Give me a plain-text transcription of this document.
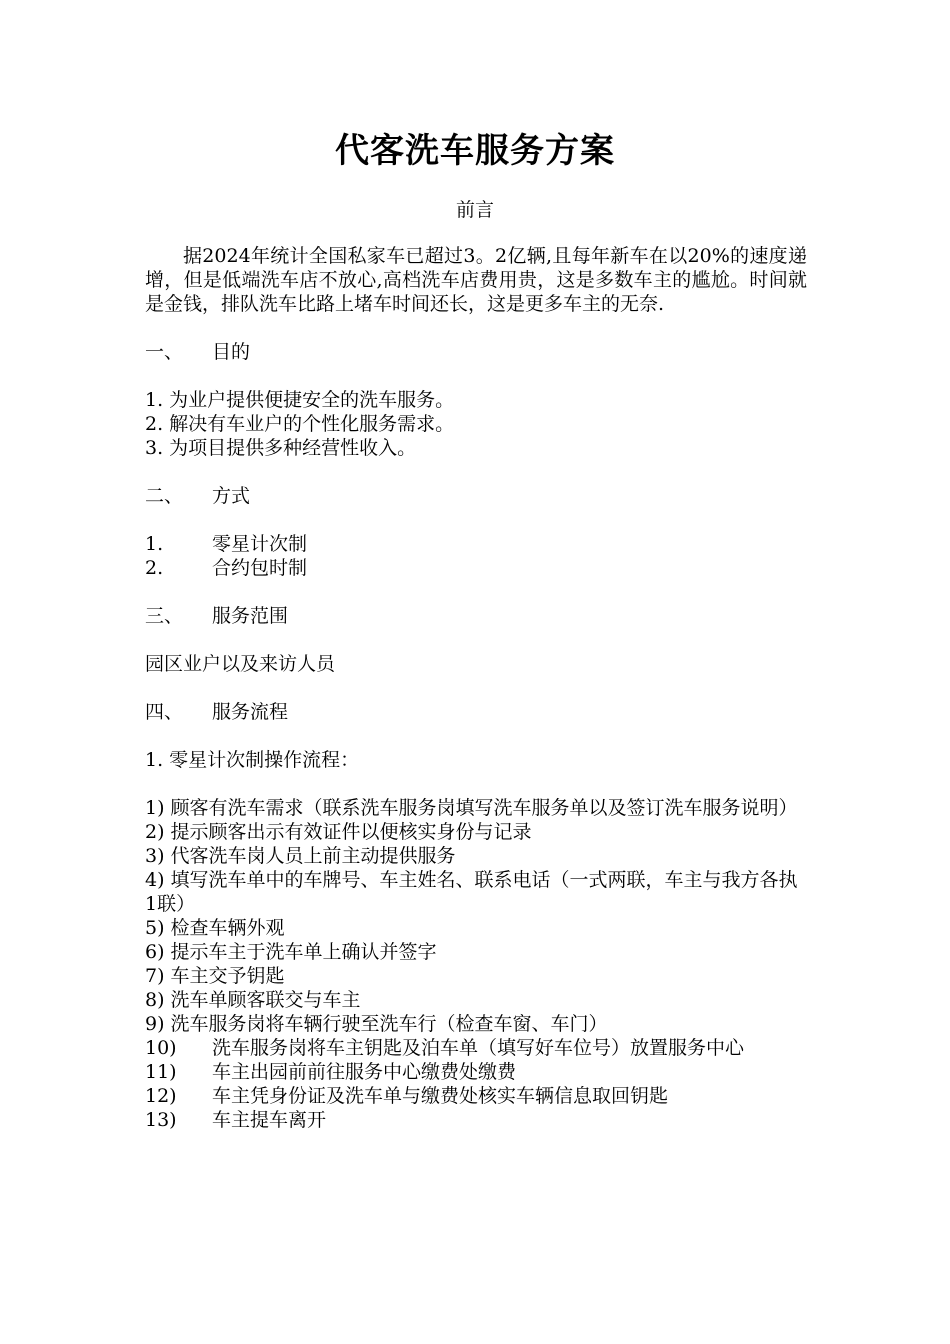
代客洗车服务方案
前言

据2024年统计全国私家车已超过3。2亿辆,且每年新车在以20%的速度递增，但是低端洗车店不放心,高档洗车店费用贵，这是多数车主的尴尬。时间就是金钱，排队洗车比路上堵车时间还长，这是更多车主的无奈.

一、	目的
1. 为业户提供便捷安全的洗车服务。
2. 解决有车业户的个性化服务需求。
3. 为项目提供多种经营性收入。
二、	方式
1.	零星计次制
2.	合约包时制
三、	服务范围
园区业户以及来访人员
四、	服务流程
1. 零星计次制操作流程：
1) 顾客有洗车需求（联系洗车服务岗填写洗车服务单以及签订洗车服务说明）
2) 提示顾客出示有效证件以便核实身份与记录
3) 代客洗车岗人员上前主动提供服务
4) 填写洗车单中的车牌号、车主姓名、联系电话（一式两联，车主与我方各执1联）
5) 检查车辆外观
6) 提示车主于洗车单上确认并签字
7) 车主交予钥匙
8) 洗车单顾客联交与车主
9) 洗车服务岗将车辆行驶至洗车行（检查车窗、车门）
10) 洗车服务岗将车主钥匙及泊车单（填写好车位号）放置服务中心
11) 车主出园前前往服务中心缴费处缴费
12) 车主凭身份证及洗车单与缴费处核实车辆信息取回钥匙
13) 车主提车离开
